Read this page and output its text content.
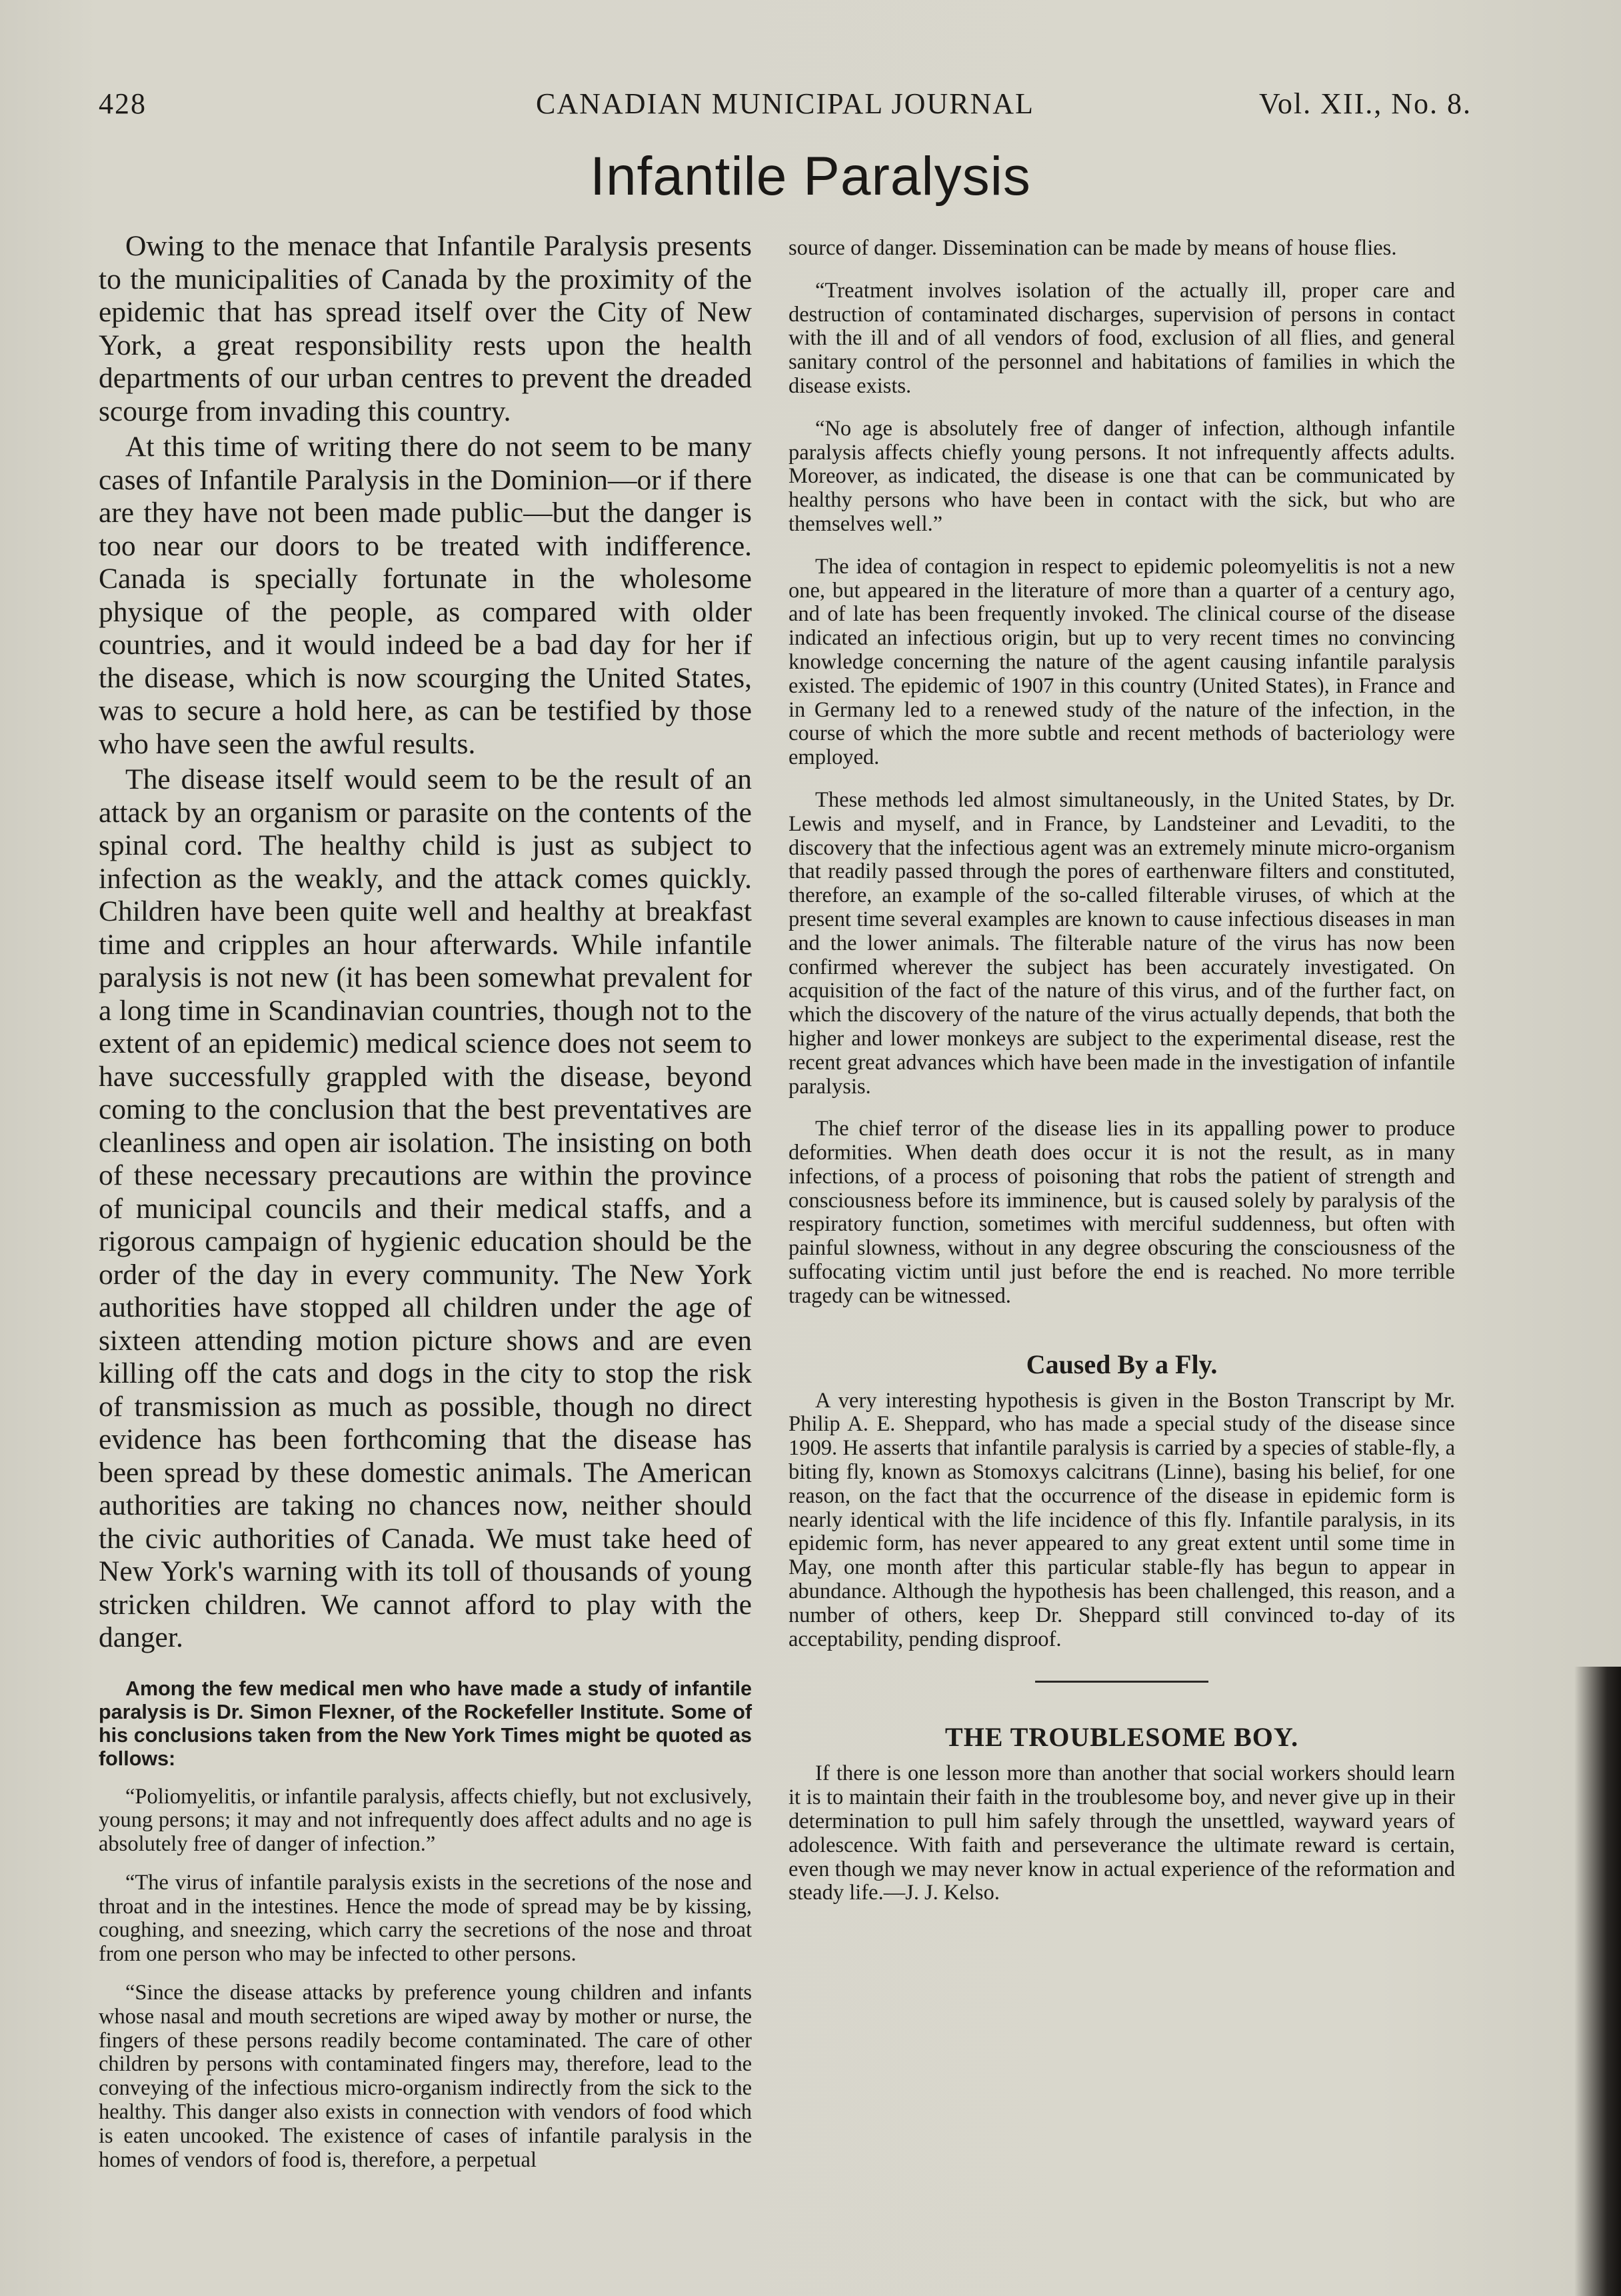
428	CANADIAN MUNICIPAL JOURNAL	Vol. XII., No. 8.
Infantile Paralysis

Owing to the menace that Infantile Paralysis presents to the municipalities of Canada by the proximity of the epidemic that has spread itself over the City of New York, a great responsibility rests upon the health departments of our urban centres to prevent the dreaded scourge from invading this country.

At this time of writing there do not seem to be many cases of Infantile Paralysis in the Dominion—or if there are they have not been made public—but the danger is too near our doors to be treated with indifference. Canada is specially fortunate in the wholesome physique of the people, as compared with older countries, and it would indeed be a bad day for her if the disease, which is now scourging the United States, was to secure a hold here, as can be testified by those who have seen the awful results.

The disease itself would seem to be the result of an attack by an organism or parasite on the contents of the spinal cord. The healthy child is just as subject to infection as the weakly, and the attack comes quickly. Children have been quite well and healthy at breakfast time and cripples an hour afterwards. While infantile paralysis is not new (it has been somewhat prevalent for a long time in Scandinavian countries, though not to the extent of an epidemic) medical science does not seem to have successfully grappled with the disease, beyond coming to the conclusion that the best preventatives are cleanliness and open air isolation. The insisting on both of these necessary precautions are within the province of municipal councils and their medical staffs, and a rigorous campaign of hygienic education should be the order of the day in every community. The New York authorities have stopped all children under the age of sixteen attending motion picture shows and are even killing off the cats and dogs in the city to stop the risk of transmission as much as possible, though no direct evidence has been forthcoming that the disease has been spread by these domestic animals. The American authorities are taking no chances now, neither should the civic authorities of Canada. We must take heed of New York's warning with its toll of thousands of young stricken children. We cannot afford to play with the danger.

Among the few medical men who have made a study of infantile paralysis is Dr. Simon Flexner, of the Rockefeller Institute. Some of his conclusions taken from the New York Times might be quoted as follows:

“Poliomyelitis, or infantile paralysis, affects chiefly, but not exclusively, young persons; it may and not infrequently does affect adults and no age is absolutely free of danger of infection.”

“The virus of infantile paralysis exists in the secretions of the nose and throat and in the intestines. Hence the mode of spread may be by kissing, coughing, and sneezing, which carry the secretions of the nose and throat from one person who may be infected to other persons.

“Since the disease attacks by preference young children and infants whose nasal and mouth secretions are wiped away by mother or nurse, the fingers of these persons readily become contaminated. The care of other children by persons with contaminated fingers may, therefore, lead to the conveying of the infectious micro-organism indirectly from the sick to the healthy. This danger also exists in connection with vendors of food which is eaten uncooked. The existence of cases of infantile paralysis in the homes of vendors of food is, therefore, a perpetual

source of danger. Dissemination can be made by means of house flies.

“Treatment involves isolation of the actually ill, proper care and destruction of contaminated discharges, supervision of persons in contact with the ill and of all vendors of food, exclusion of all flies, and general sanitary control of the personnel and habitations of families in which the disease exists.

“No age is absolutely free of danger of infection, although infantile paralysis affects chiefly young persons. It not infrequently affects adults. Moreover, as indicated, the disease is one that can be communicated by healthy persons who have been in contact with the sick, but who are themselves well.”

The idea of contagion in respect to epidemic poleomyelitis is not a new one, but appeared in the literature of more than a quarter of a century ago, and of late has been frequently invoked. The clinical course of the disease indicated an infectious origin, but up to very recent times no convincing knowledge concerning the nature of the agent causing infantile paralysis existed. The epidemic of 1907 in this country (United States), in France and in Germany led to a renewed study of the nature of the infection, in the course of which the more subtle and recent methods of bacteriology were employed.

These methods led almost simultaneously, in the United States, by Dr. Lewis and myself, and in France, by Landsteiner and Levaditi, to the discovery that the infectious agent was an extremely minute micro-organism that readily passed through the pores of earthenware filters and constituted, therefore, an example of the so-called filterable viruses, of which at the present time several examples are known to cause infectious diseases in man and the lower animals. The filterable nature of the virus has now been confirmed wherever the subject has been accurately investigated. On acquisition of the fact of the nature of this virus, and of the further fact, on which the discovery of the nature of the virus actually depends, that both the higher and lower monkeys are subject to the experimental disease, rest the recent great advances which have been made in the investigation of infantile paralysis.

The chief terror of the disease lies in its appalling power to produce deformities. When death does occur it is not the result, as in many infections, of a process of poisoning that robs the patient of strength and consciousness before its imminence, but is caused solely by paralysis of the respiratory function, sometimes with merciful suddenness, but often with painful slowness, without in any degree obscuring the consciousness of the suffocating victim until just before the end is reached. No more terrible tragedy can be witnessed.

Caused By a Fly.

A very interesting hypothesis is given in the Boston Transcript by Mr. Philip A. E. Sheppard, who has made a special study of the disease since 1909. He asserts that infantile paralysis is carried by a species of stable-fly, a biting fly, known as Stomoxys calcitrans (Linne), basing his belief, for one reason, on the fact that the occurrence of the disease in epidemic form is nearly identical with the life incidence of this fly. Infantile paralysis, in its epidemic form, has never appeared to any great extent until some time in May, one month after this particular stable-fly has begun to appear in abundance. Although the hypothesis has been challenged, this reason, and a number of others, keep Dr. Sheppard still convinced to-day of its acceptability, pending disproof.

THE TROUBLESOME BOY.

If there is one lesson more than another that social workers should learn it is to maintain their faith in the troublesome boy, and never give up in their determination to pull him safely through the unsettled, wayward years of adolescence. With faith and perseverance the ultimate reward is certain, even though we may never know in actual experience of the reformation and steady life.—J. J. Kelso.
